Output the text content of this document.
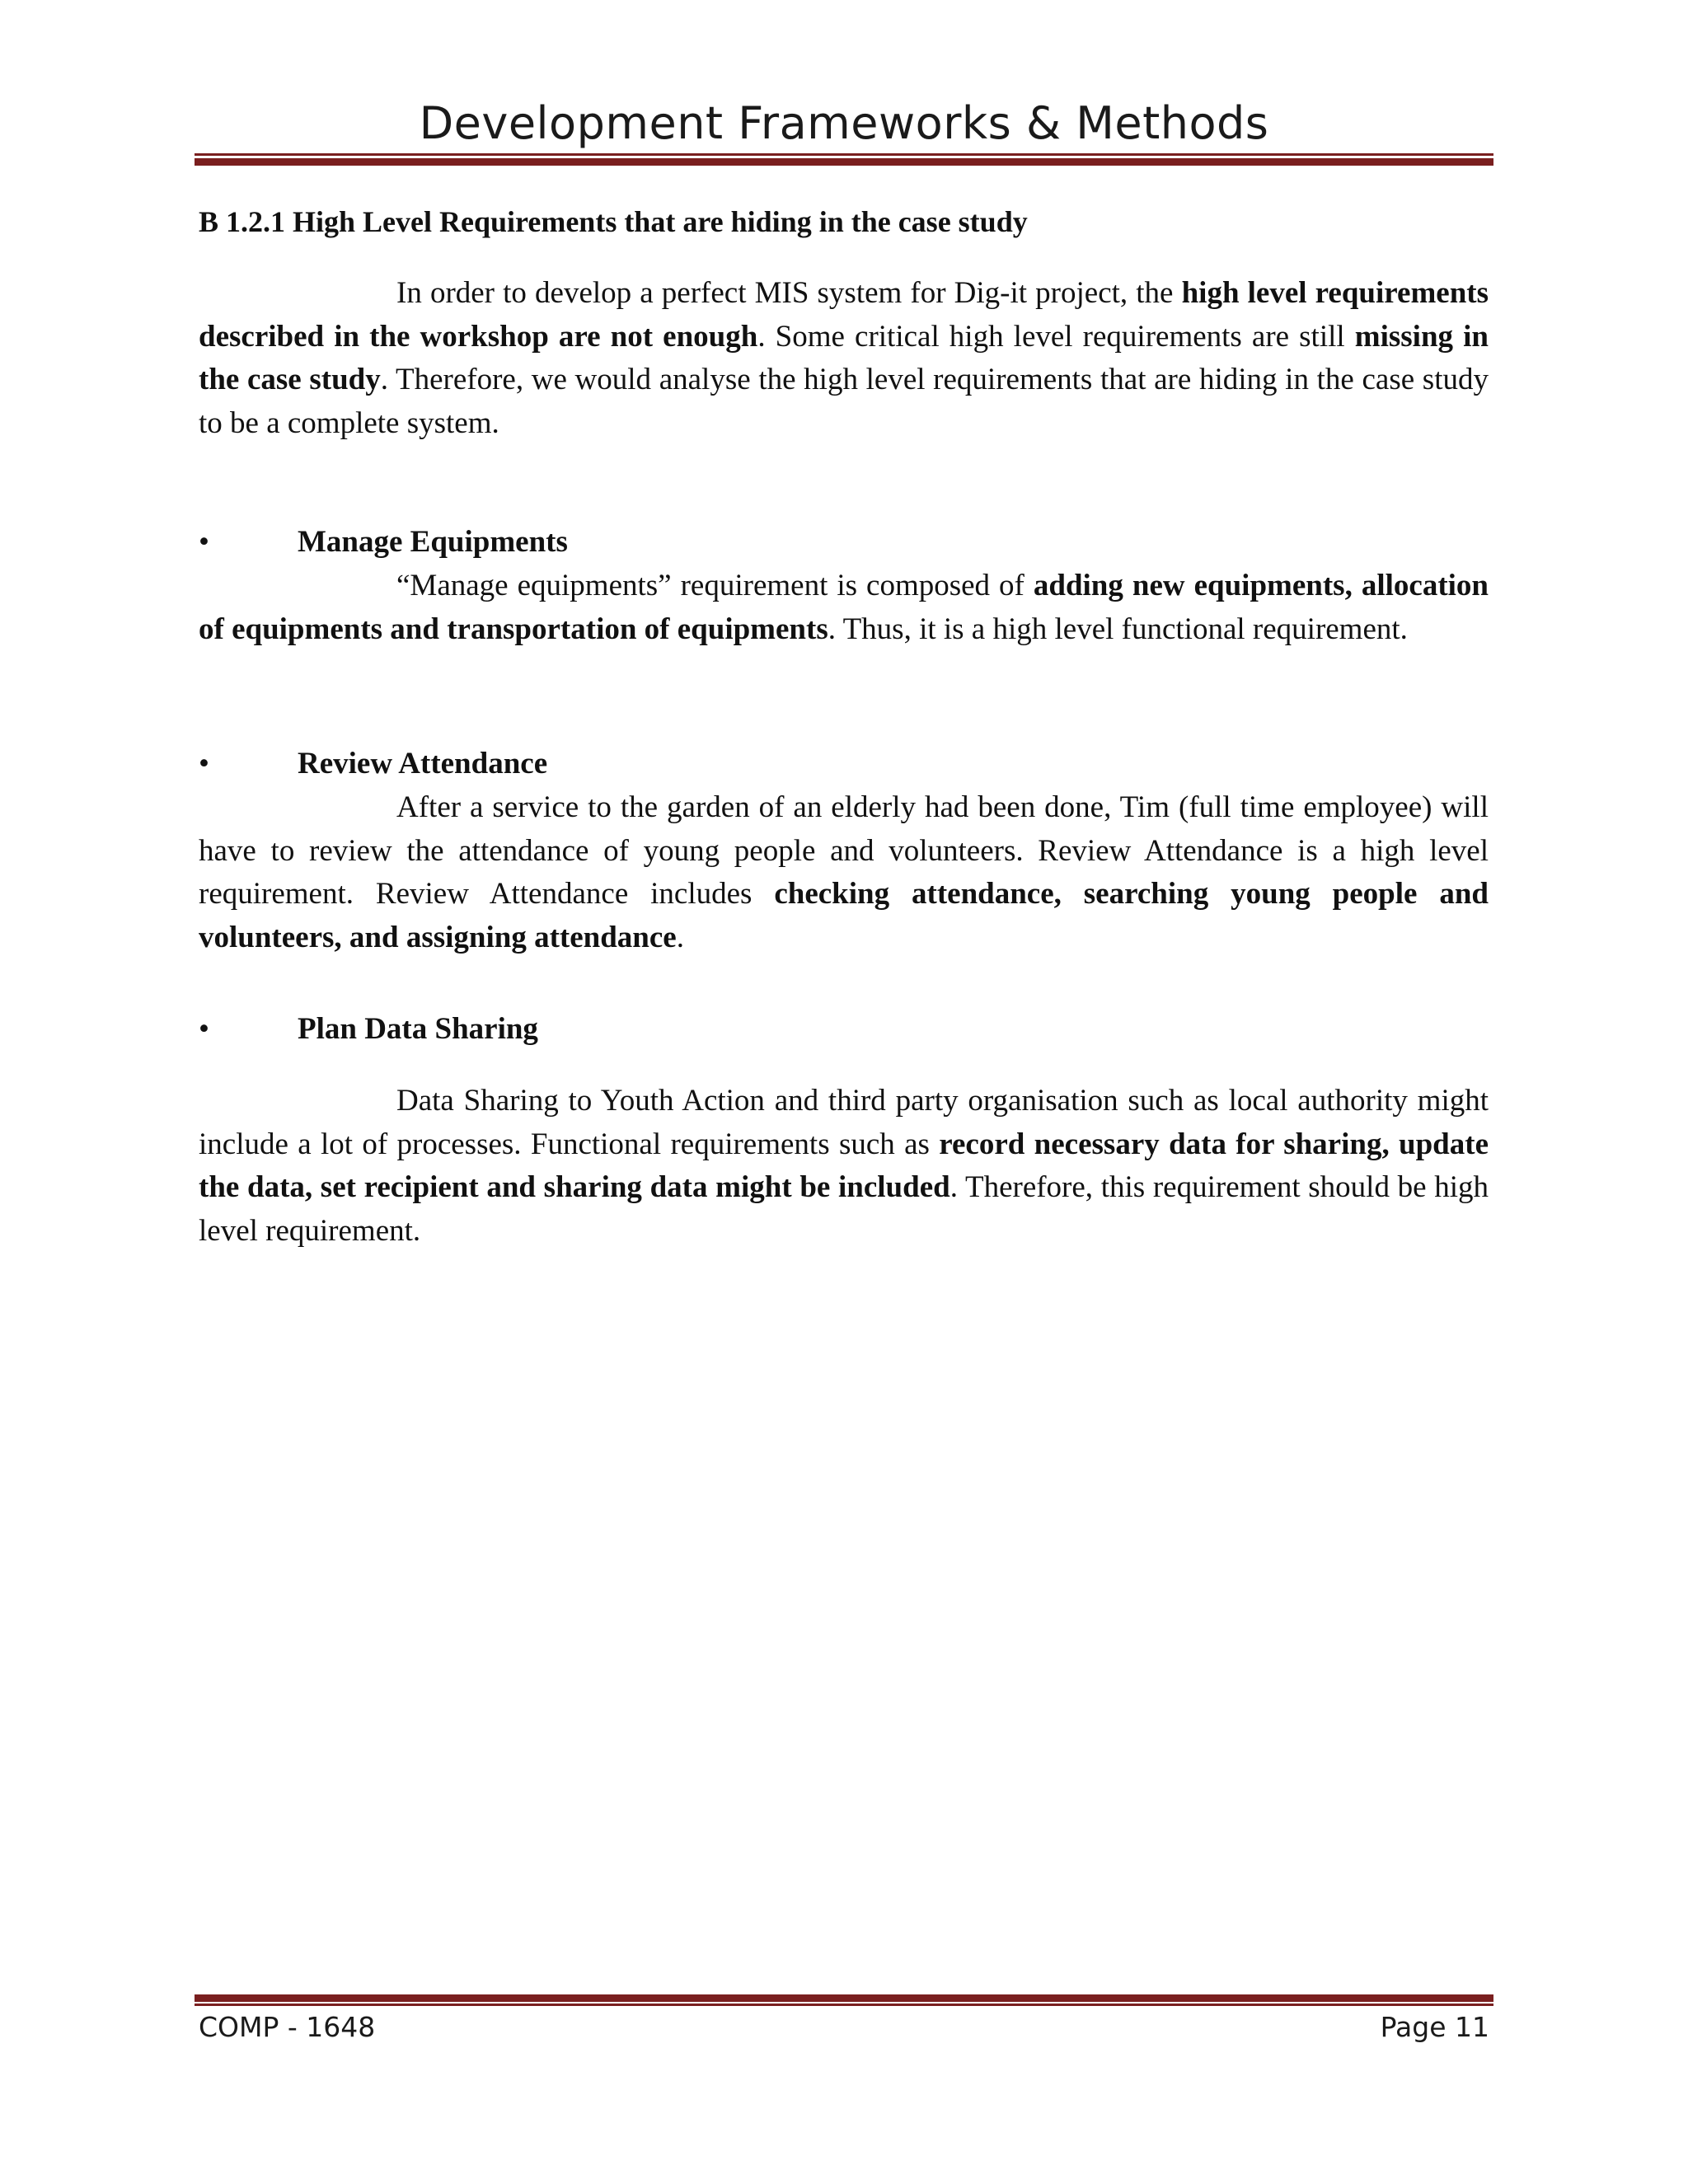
Development Frameworks & Methods
B 1.2.1 High Level Requirements that are hiding in the case study
In order to develop a perfect MIS system for Dig-it project, the high level requirements described in the workshop are not enough. Some critical high level requirements are still missing in the case study. Therefore, we would analyse the high level requirements that are hiding in the case study to be a complete system.
•	Manage Equipments
“Manage equipments” requirement is composed of adding new equipments, allocation of equipments and transportation of equipments. Thus, it is a high level functional requirement.
•	Review Attendance
After a service to the garden of an elderly had been done, Tim (full time employee) will have to review the attendance of young people and volunteers. Review Attendance is a high level requirement. Review Attendance includes checking attendance, searching young people and volunteers, and assigning attendance.
•	Plan Data Sharing
Data Sharing to Youth Action and third party organisation such as local authority might include a lot of processes. Functional requirements such as record necessary data for sharing, update the data, set recipient and sharing data might be included. Therefore, this requirement should be high level requirement.
COMP - 1648	Page 11
